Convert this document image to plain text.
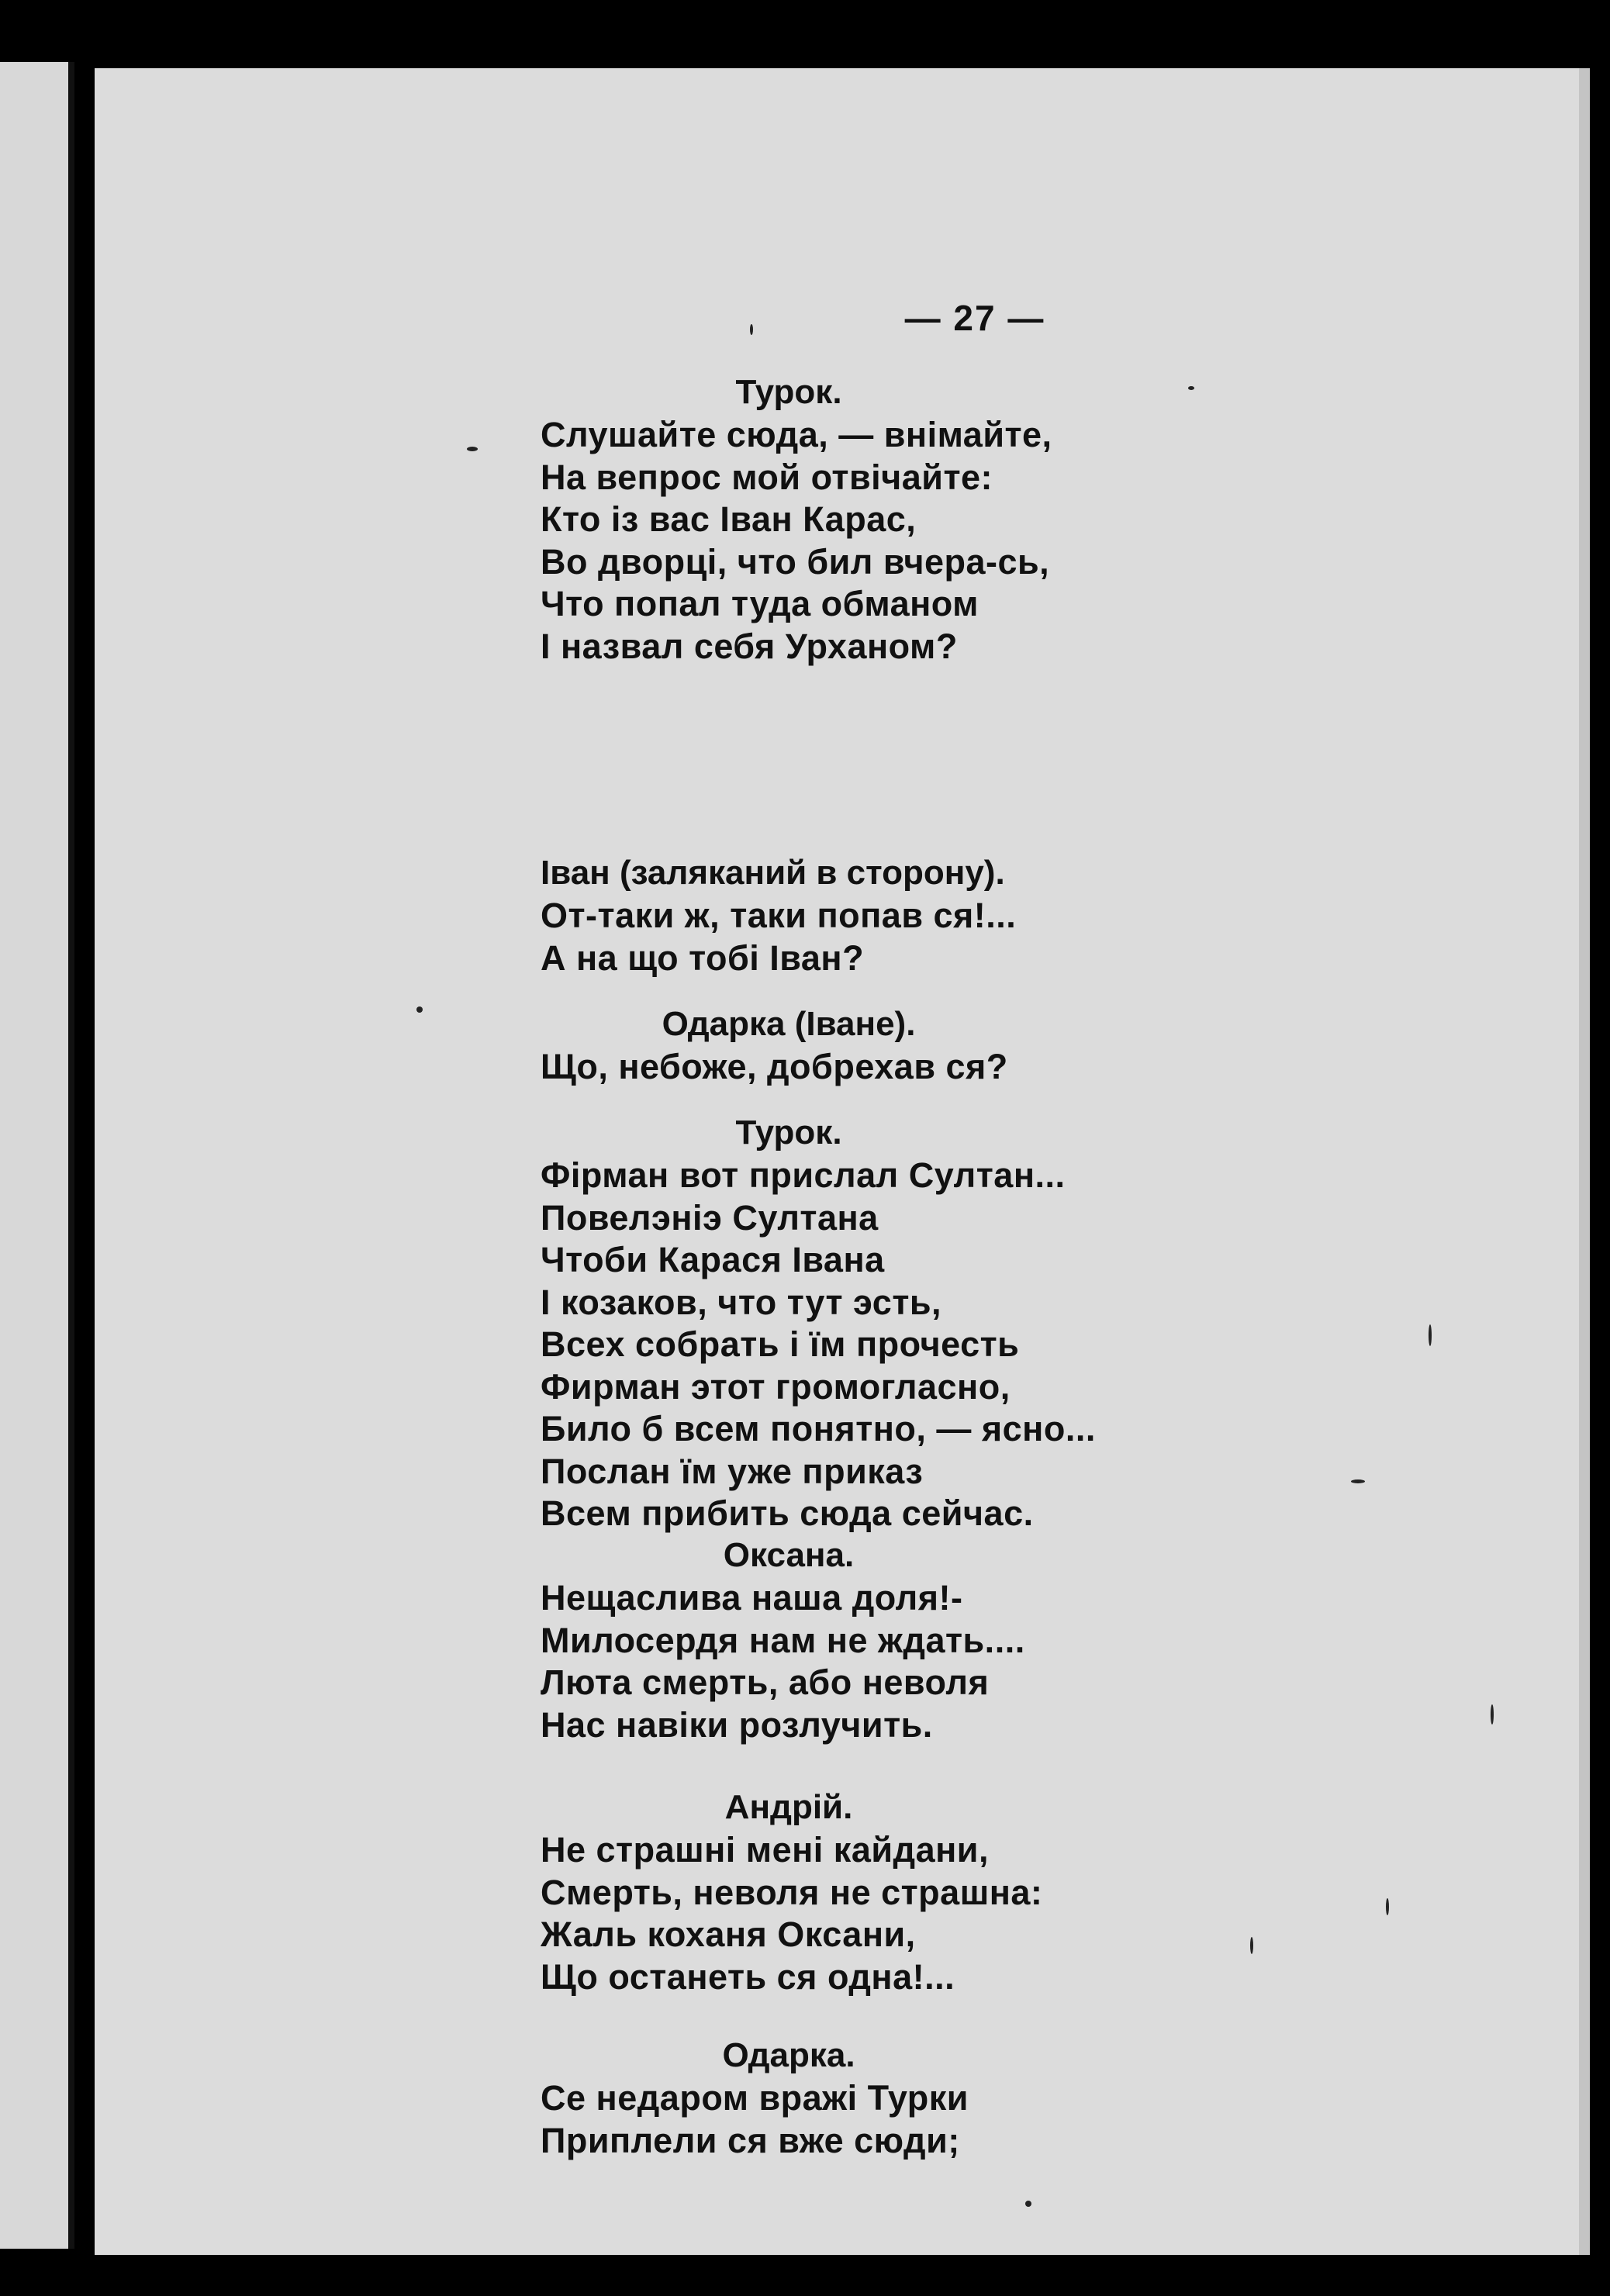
— 27 —
Турок.
Слушайте сюда, — внімайте,
На вепрос мой отвічайте:
Кто із вас Іван Карас,
Во дворці, что бил вчера-сь,
Что попал туда обманом
І назвал себя Урханом?
Іван (заляканий в сторону).
От-таки ж, таки попав ся!...
А на що тобі Іван?
Одарка (Іване).
Що, небоже, добрехав ся?
Турок.
Фірман вот прислал Султан...
Повелэніэ Султана
Чтоби Карася Івана
І козаков, что тут эсть,
Всех собрать і їм прочесть
Фирман этот громогласно,
Било б всем понятно, — ясно...
Послан їм уже приказ
Всем прибить сюда сейчас.
Оксана.
Нещаслива наша доля!-
Милосердя нам не ждать....
Люта смерть, або неволя
Нас навіки розлучить.
Андрій.
Не страшні мені кайдани,
Смерть, неволя не страшна:
Жаль коханя Оксани,
Що останеть ся одна!...
Одарка.
Се недаром вражі Турки
Приплели ся вже сюди;
